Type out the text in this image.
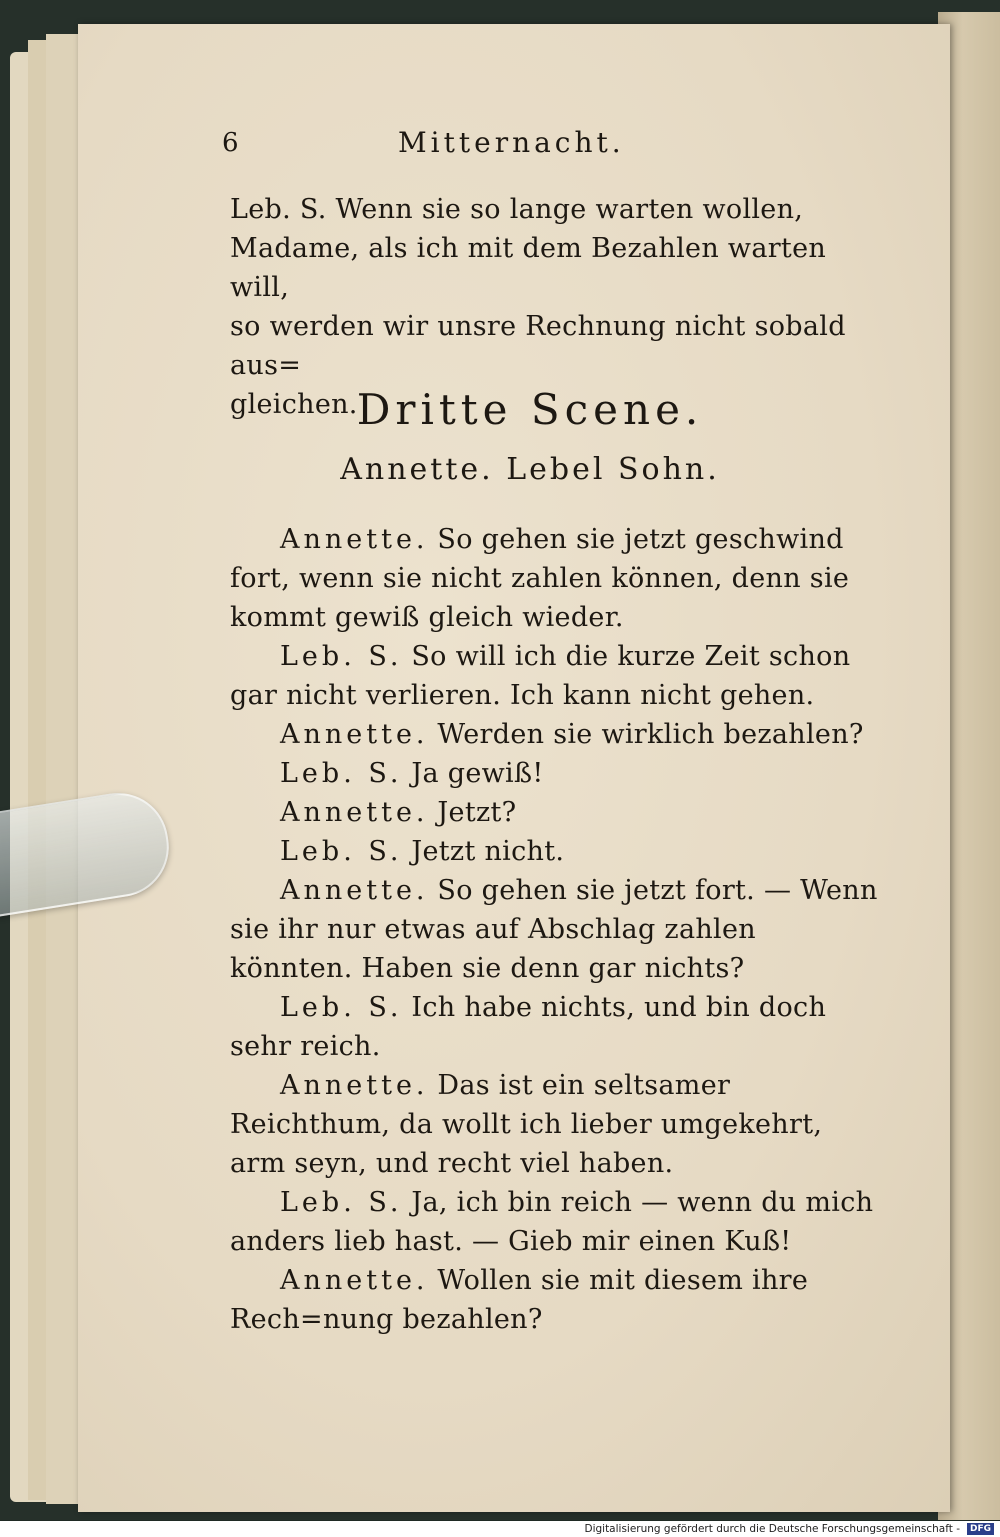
6	Mitternacht.

Leb. S. Wenn sie so lange warten wollen,

Madame, als ich mit dem Bezahlen warten will,

so werden wir unsre Rechnung nicht sobald aus=

gleichen. Dritte Scene.
Annette. Lebel Sohn.

Annette. So gehen sie jetzt geschwind fort, wenn sie nicht zahlen können, denn sie kommt gewiß gleich wieder.

Leb. S. So will ich die kurze Zeit schon gar nicht verlieren. Ich kann nicht gehen.

Annette. Werden sie wirklich bezahlen?

Leb. S. Ja gewiß!

Annette. Jetzt?

Leb. S. Jetzt nicht.

Annette. So gehen sie jetzt fort. — Wenn sie ihr nur etwas auf Abschlag zahlen könnten. Haben sie denn gar nichts?

Leb. S. Ich habe nichts, und bin doch sehr reich.

Annette. Das ist ein seltsamer Reichthum, da wollt ich lieber umgekehrt, arm seyn, und recht viel haben.

Leb. S. Ja, ich bin reich — wenn du mich anders lieb hast. — Gieb mir einen Kuß!

Annette. Wollen sie mit diesem ihre Rech=nung bezahlen?

Digitalisierung gefördert durch die Deutsche Forschungsgemeinschaft -	DFG
